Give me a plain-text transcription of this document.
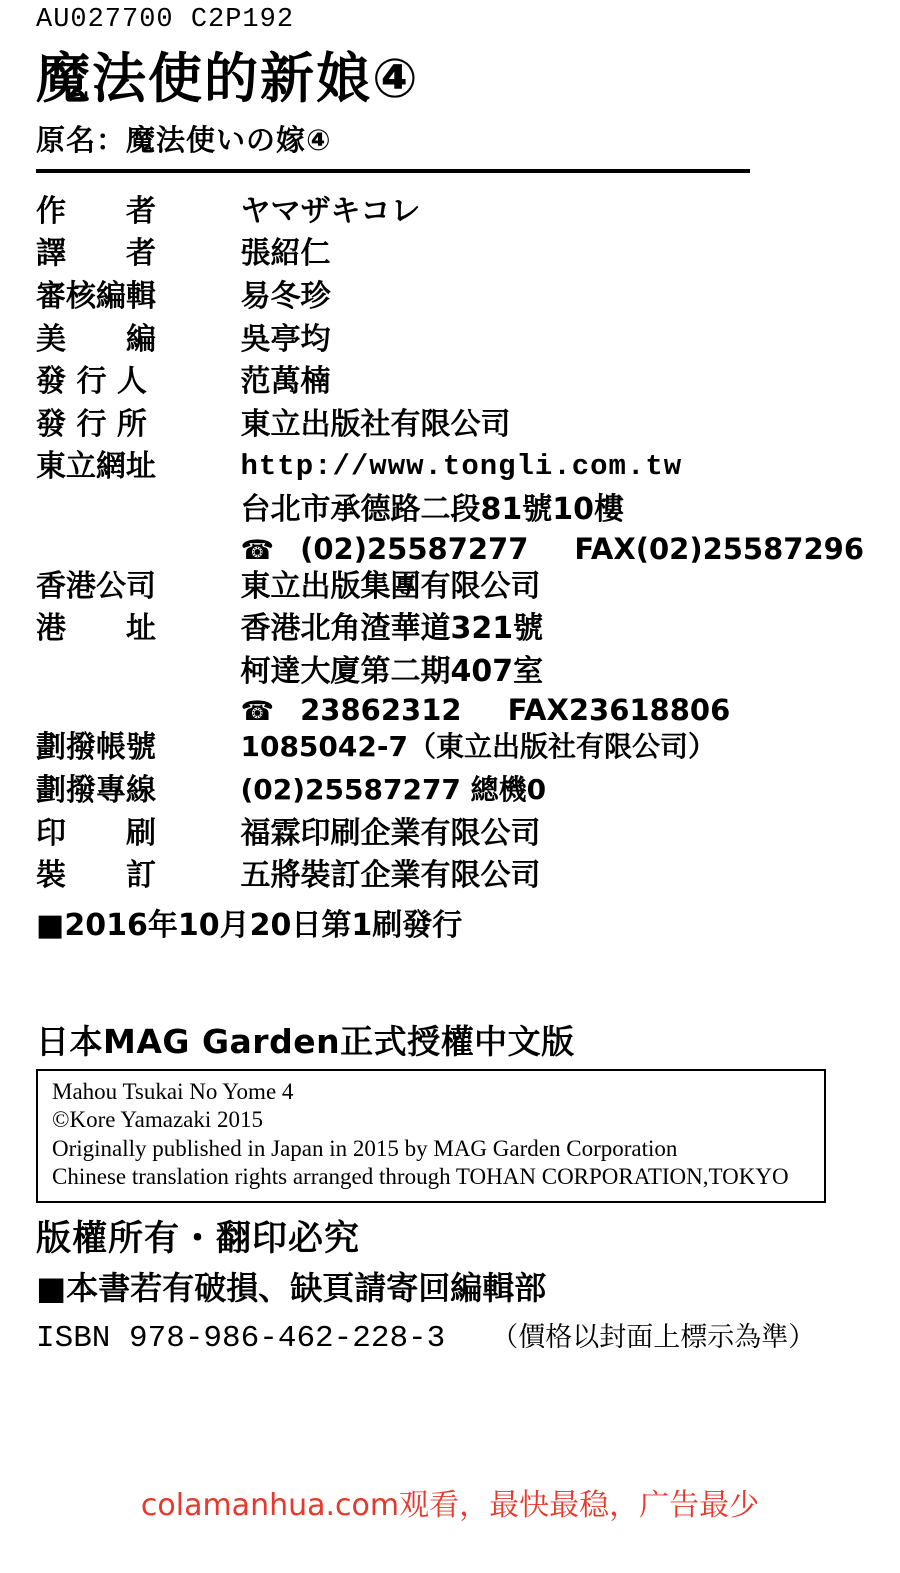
AU027700 C2P192
魔法使的新娘④
原名：魔法使いの嫁④
作　　者	ヤマザキコレ
譯　　者	張紹仁
審核編輯	易冬珍
美　　編	吳亭均
發 行 人	范萬楠
發 行 所	東立出版社有限公司
東立網址	http://www.tongli.com.tw
	台北市承德路二段81號10樓
	☎ (02)25587277 FAX(02)25587296
香港公司	東立出版集團有限公司
港　　址	香港北角渣華道321號
	柯達大廈第二期407室
	☎ 23862312 FAX23618806
劃撥帳號	1085042-7（東立出版社有限公司）
劃撥專線	(02)25587277 總機0
印　　刷	福霖印刷企業有限公司
裝　　訂	五將裝訂企業有限公司
■2016年10月20日第1刷發行
日本MAG Garden正式授權中文版
Mahou Tsukai No Yome 4
©Kore Yamazaki 2015
Originally published in Japan in 2015 by MAG Garden Corporation
Chinese translation rights arranged through TOHAN CORPORATION,TOKYO
版權所有・翻印必究
■本書若有破損、缺頁請寄回編輯部
ISBN 978-986-462-228-3 （價格以封面上標示為準）
colamanhua.com观看，最快最稳，广告最少
